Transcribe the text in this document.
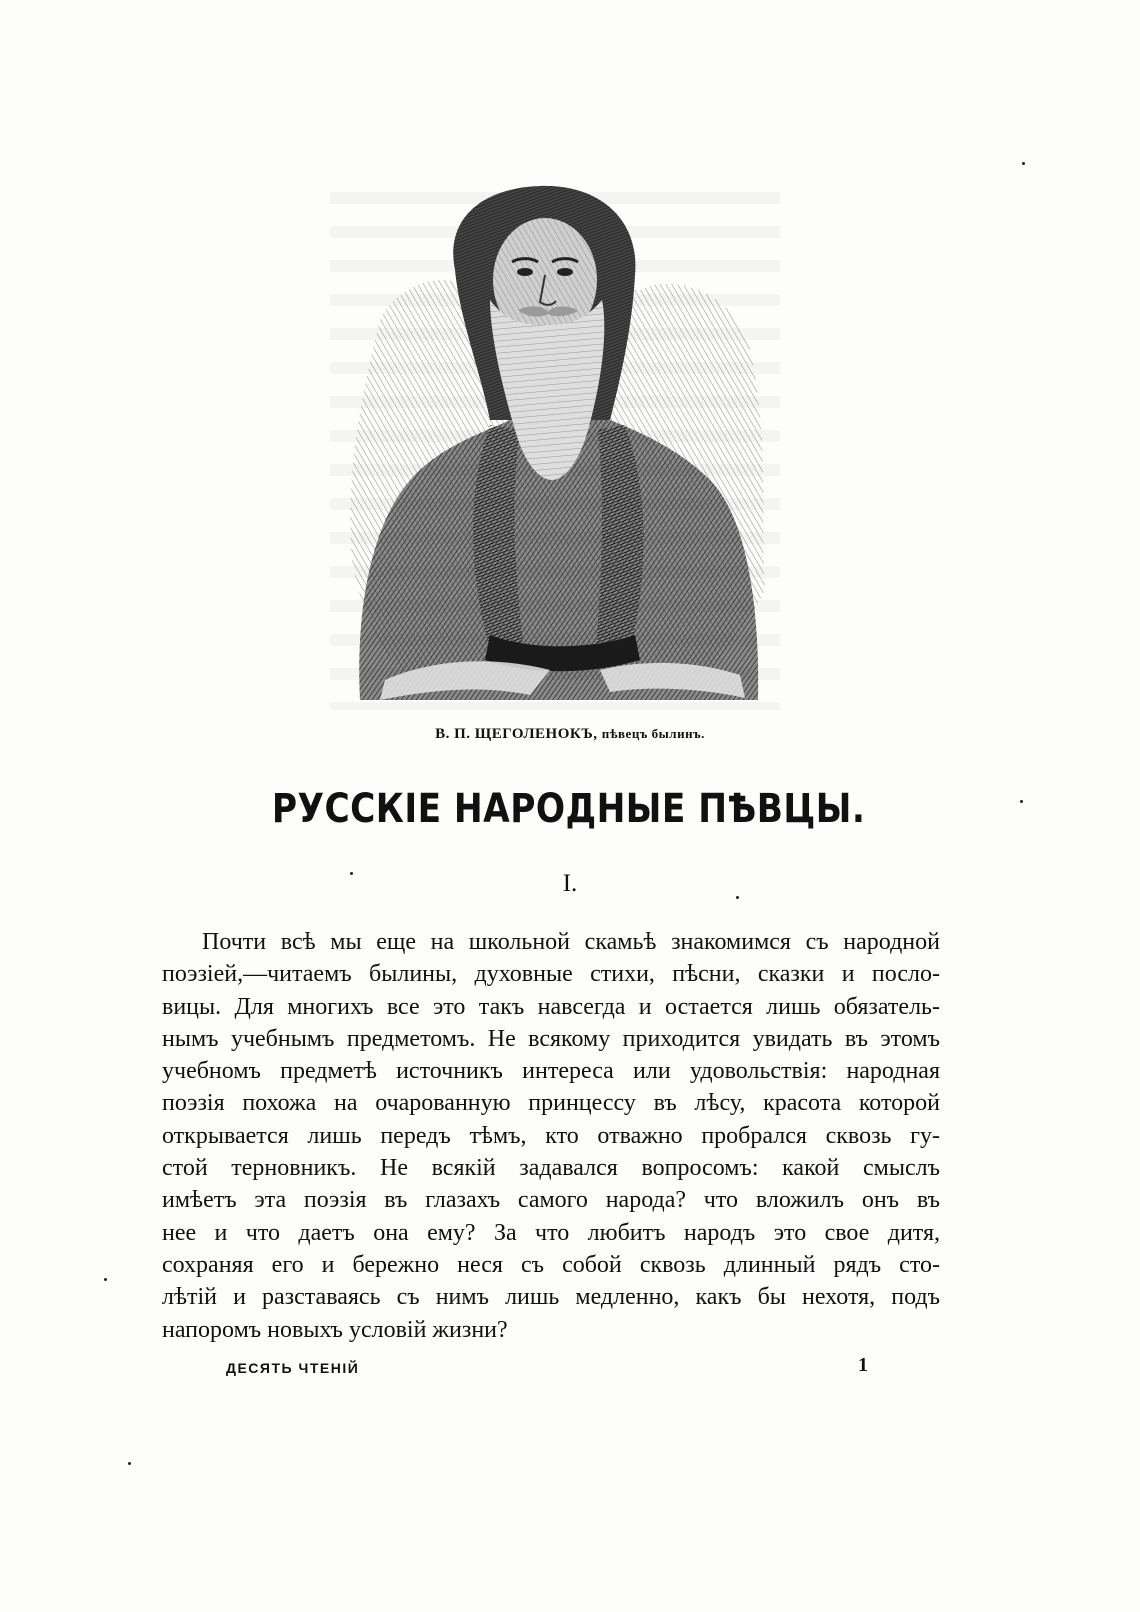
В. П. ЩЕГОЛЕНОКЪ, пѣвецъ былинъ.
РУССКІЕ НАРОДНЫЕ ПѢВЦЫ.
I.
Почти всѣ мы еще на школьной скамьѣ знакомимся съ народной
поэзіей,—читаемъ былины, духовные стихи, пѣсни, сказки и посло-
вицы. Для многихъ все это такъ навсегда и остается лишь обязатель-
нымъ учебнымъ предметомъ. Не всякому приходится увидать въ этомъ
учебномъ предметѣ источникъ интереса или удовольствія: народная
поэзія похожа на очарованную принцессу въ лѣсу, красота которой
открывается лишь передъ тѣмъ, кто отважно пробрался сквозь гу-
стой терновникъ. Не всякій задавался вопросомъ: какой смыслъ
имѣетъ эта поэзія въ глазахъ самого народа? что вложилъ онъ въ
нее и что даетъ она ему? За что любитъ народъ это свое дитя,
сохраняя его и бережно неся съ собой сквозь длинный рядъ сто-
лѣтій и разставаясь съ нимъ лишь медленно, какъ бы нехотя, подъ
напоромъ новыхъ условій жизни?
ДЕСЯТЬ ЧТЕНІЙ	1
